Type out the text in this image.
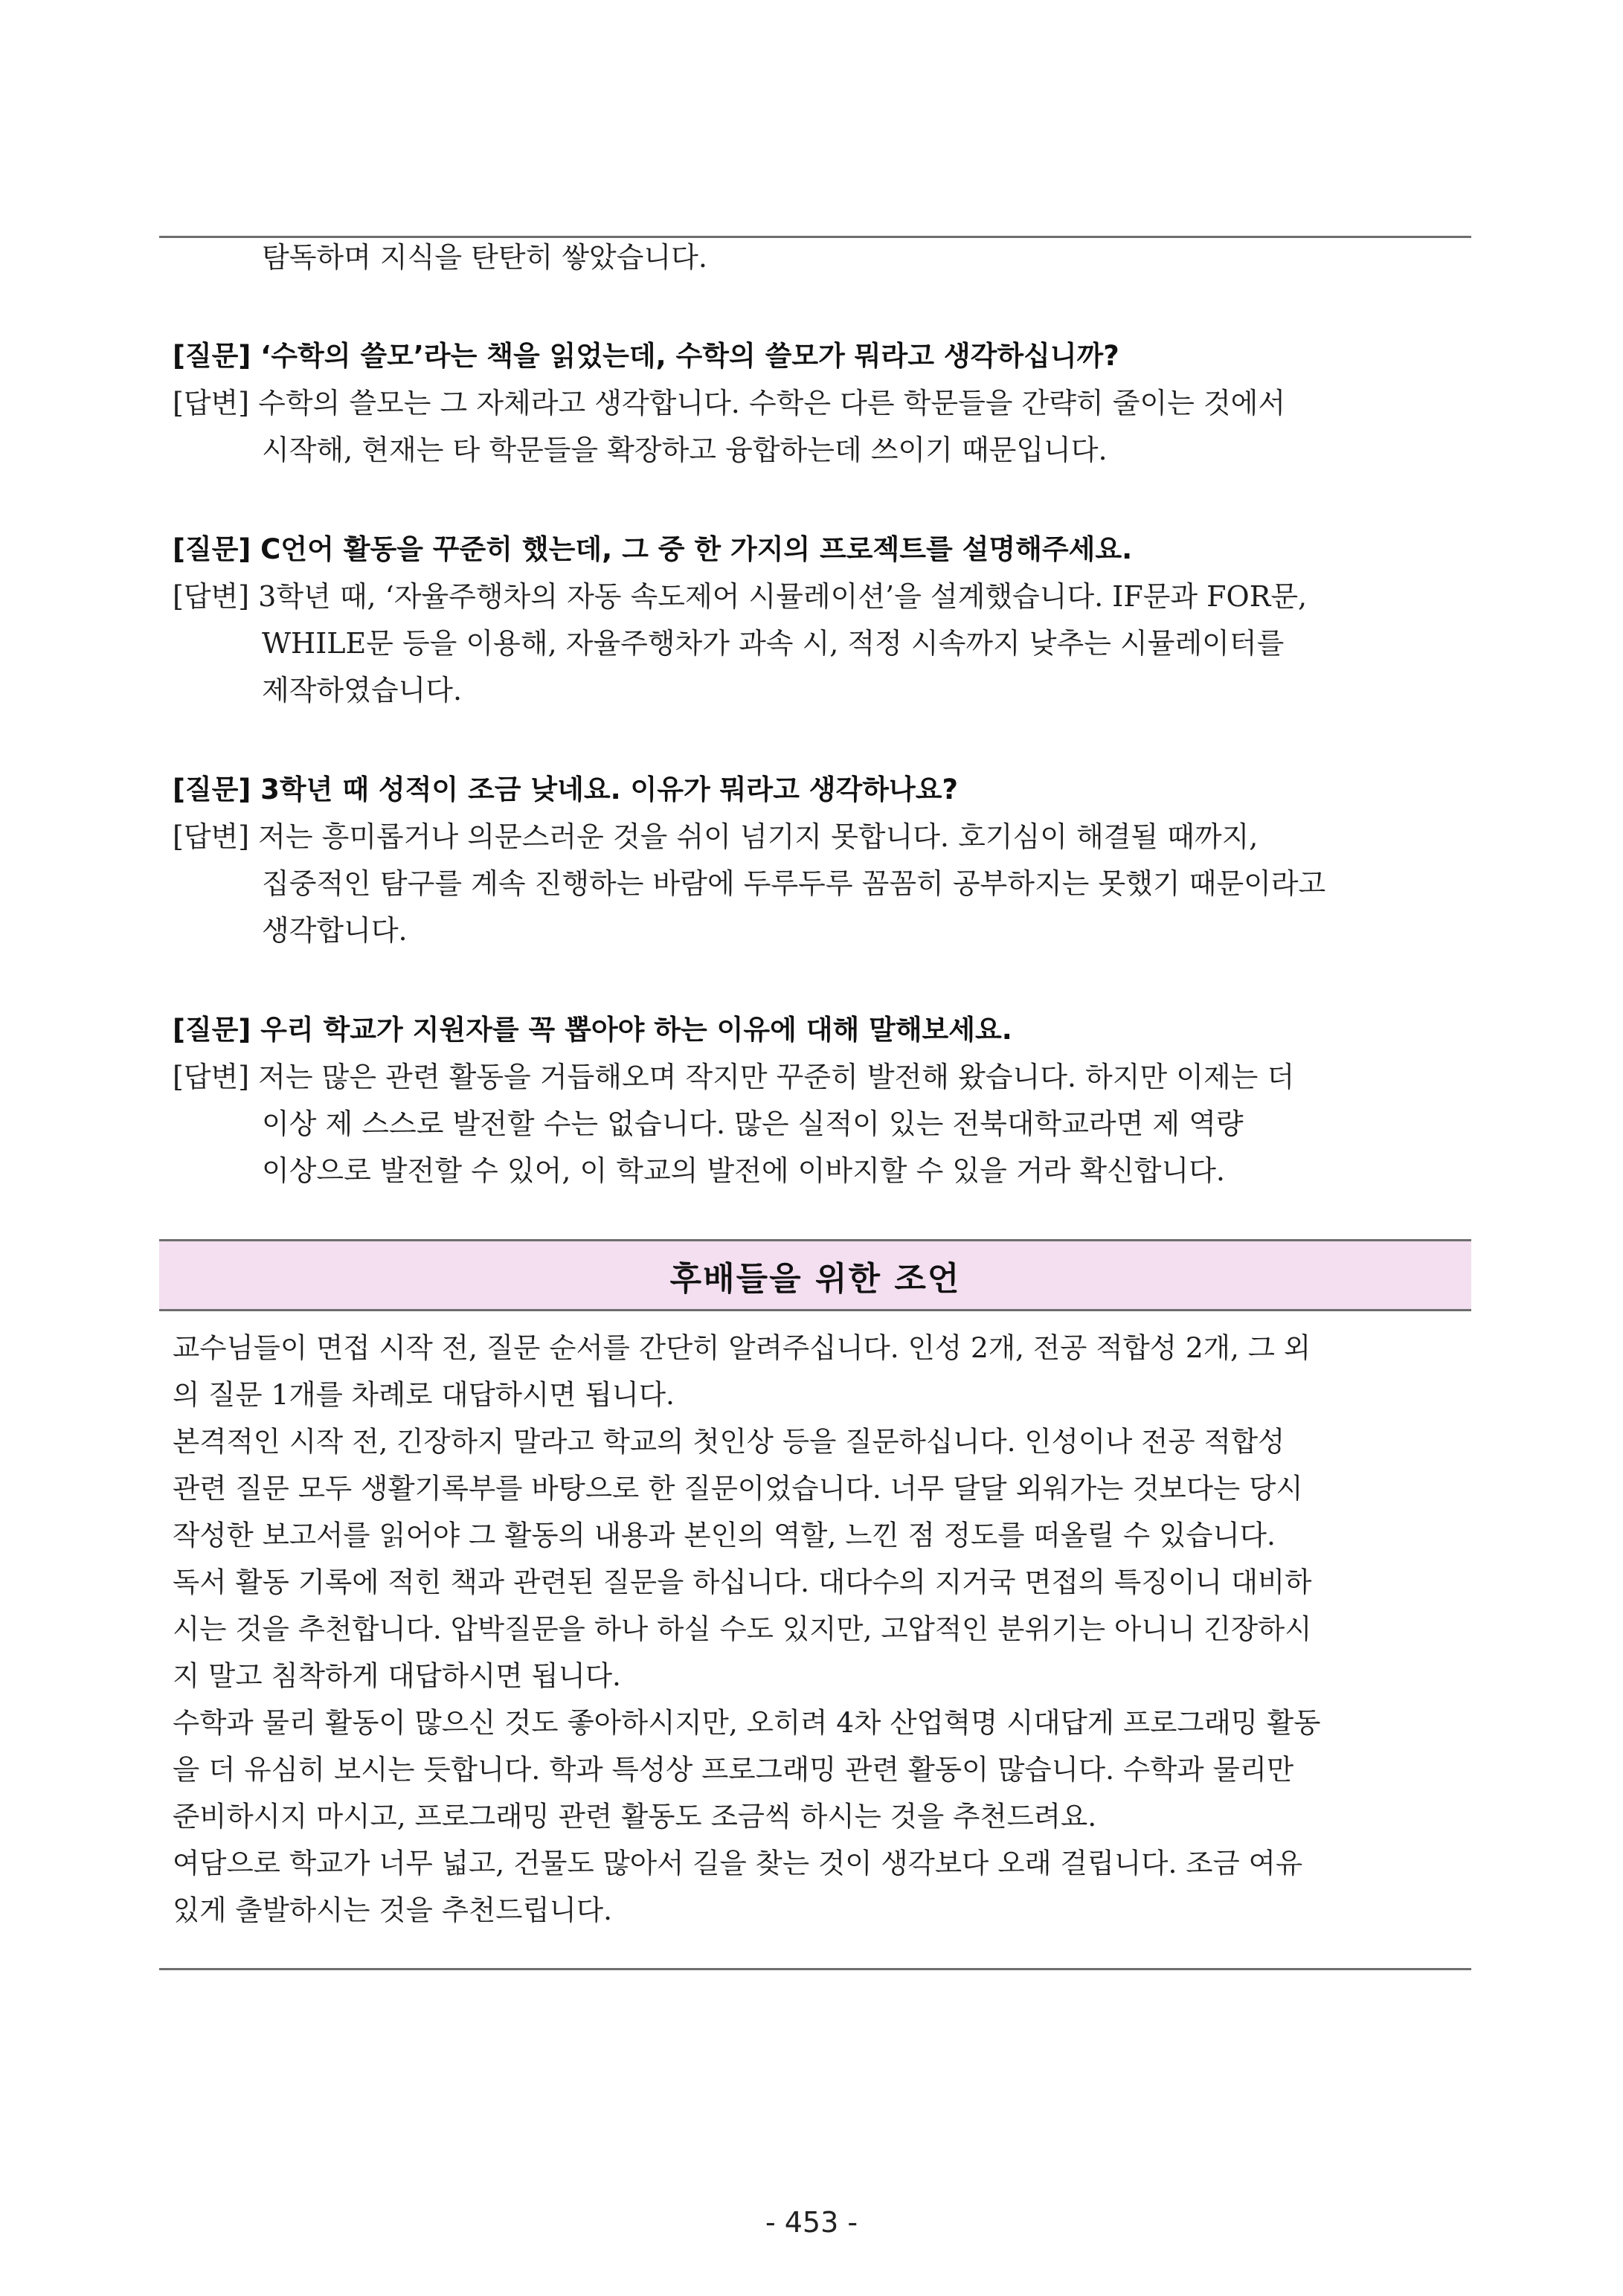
탐독하며 지식을 탄탄히 쌓았습니다.
[질문] ‘수학의 쓸모’라는 책을 읽었는데, 수학의 쓸모가 뭐라고 생각하십니까?
[답변] 수학의 쓸모는 그 자체라고 생각합니다. 수학은 다른 학문들을 간략히 줄이는 것에서
시작해, 현재는 타 학문들을 확장하고 융합하는데 쓰이기 때문입니다.
[질문] C언어 활동을 꾸준히 했는데, 그 중 한 가지의 프로젝트를 설명해주세요.
[답변] 3학년 때, ‘자율주행차의 자동 속도제어 시뮬레이션’을 설계했습니다. IF문과 FOR문,
WHILE문 등을 이용해, 자율주행차가 과속 시, 적정 시속까지 낮추는 시뮬레이터를
제작하였습니다.
[질문] 3학년 때 성적이 조금 낮네요. 이유가 뭐라고 생각하나요?
[답변] 저는 흥미롭거나 의문스러운 것을 쉬이 넘기지 못합니다. 호기심이 해결될 때까지,
집중적인 탐구를 계속 진행하는 바람에 두루두루 꼼꼼히 공부하지는 못했기 때문이라고
생각합니다.
[질문] 우리 학교가 지원자를 꼭 뽑아야 하는 이유에 대해 말해보세요.
[답변] 저는 많은 관련 활동을 거듭해오며 작지만 꾸준히 발전해 왔습니다. 하지만 이제는 더
이상 제 스스로 발전할 수는 없습니다. 많은 실적이 있는 전북대학교라면 제 역량
이상으로 발전할 수 있어, 이 학교의 발전에 이바지할 수 있을 거라 확신합니다.
후배들을 위한 조언
교수님들이 면접 시작 전, 질문 순서를 간단히 알려주십니다. 인성 2개, 전공 적합성 2개, 그 외
의 질문 1개를 차례로 대답하시면 됩니다.
본격적인 시작 전, 긴장하지 말라고 학교의 첫인상 등을 질문하십니다. 인성이나 전공 적합성
관련 질문 모두 생활기록부를 바탕으로 한 질문이었습니다. 너무 달달 외워가는 것보다는 당시
작성한 보고서를 읽어야 그 활동의 내용과 본인의 역할, 느낀 점 정도를 떠올릴 수 있습니다.
독서 활동 기록에 적힌 책과 관련된 질문을 하십니다. 대다수의 지거국 면접의 특징이니 대비하
시는 것을 추천합니다. 압박질문을 하나 하실 수도 있지만, 고압적인 분위기는 아니니 긴장하시
지 말고 침착하게 대답하시면 됩니다.
수학과 물리 활동이 많으신 것도 좋아하시지만, 오히려 4차 산업혁명 시대답게 프로그래밍 활동
을 더 유심히 보시는 듯합니다. 학과 특성상 프로그래밍 관련 활동이 많습니다. 수학과 물리만
준비하시지 마시고, 프로그래밍 관련 활동도 조금씩 하시는 것을 추천드려요.
여담으로 학교가 너무 넓고, 건물도 많아서 길을 찾는 것이 생각보다 오래 걸립니다. 조금 여유
있게 출발하시는 것을 추천드립니다.
- 453 -
